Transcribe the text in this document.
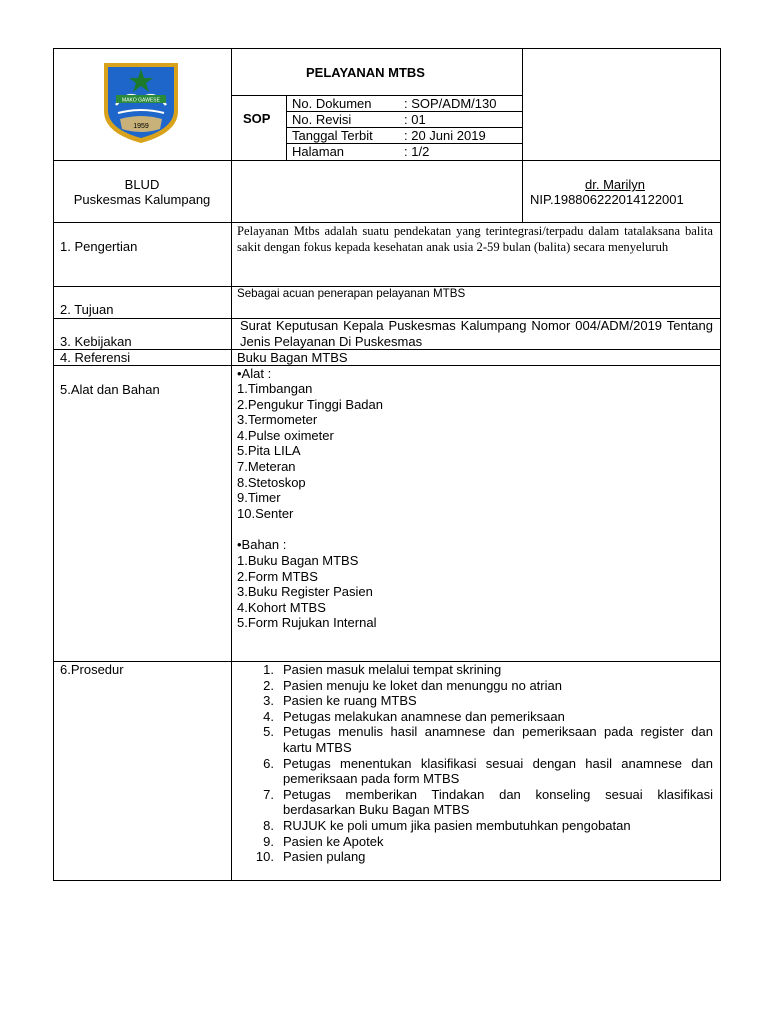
MAKO GAWESE
1959
PELAYANAN MTBS
SOP
No. Dokumen	: SOP/ADM/130
No. Revisi	: 01
Tanggal Terbit : 20 Juni 2019
Halaman	: 1/2
BLUD
Puskesmas Kalumpang
dr. Marilyn
NIP.198806222014122001
1. Pengertian
Pelayanan Mtbs adalah suatu pendekatan yang terintegrasi/terpadu dalam tatalaksana balita sakit dengan fokus kepada kesehatan anak usia 2-59 bulan (balita) secara menyeluruh
2. Tujuan
Sebagai acuan penerapan pelayanan MTBS
3. Kebijakan
Surat Keputusan Kepala Puskesmas Kalumpang Nomor 004/ADM/2019 Tentang Jenis Pelayanan Di Puskesmas
4. Referensi	Buku Bagan MTBS
5.Alat dan Bahan
•Alat :
1.Timbangan
2.Pengukur Tinggi Badan
3.Termometer
4.Pulse oximeter
5.Pita LILA
7.Meteran
8.Stetoskop
9.Timer
10.Senter
•Bahan :
1.Buku Bagan MTBS
2.Form MTBS
3.Buku Register Pasien
4.Kohort MTBS
5.Form Rujukan Internal
6.Prosedur	1. Pasien masuk melalui tempat skrining
2. Pasien menuju ke loket dan menunggu no atrian
3. Pasien ke ruang MTBS
4. Petugas melakukan anamnese dan pemeriksaan
5. Petugas menulis hasil anamnese dan pemeriksaan pada register dan kartu MTBS
6. Petugas menentukan klasifikasi sesuai dengan hasil anamnese dan pemeriksaan pada form MTBS
7. Petugas memberikan Tindakan dan konseling sesuai klasifikasi berdasarkan Buku Bagan MTBS
8. RUJUK ke poli umum jika pasien membutuhkan pengobatan
9. Pasien ke Apotek
10. Pasien pulang
